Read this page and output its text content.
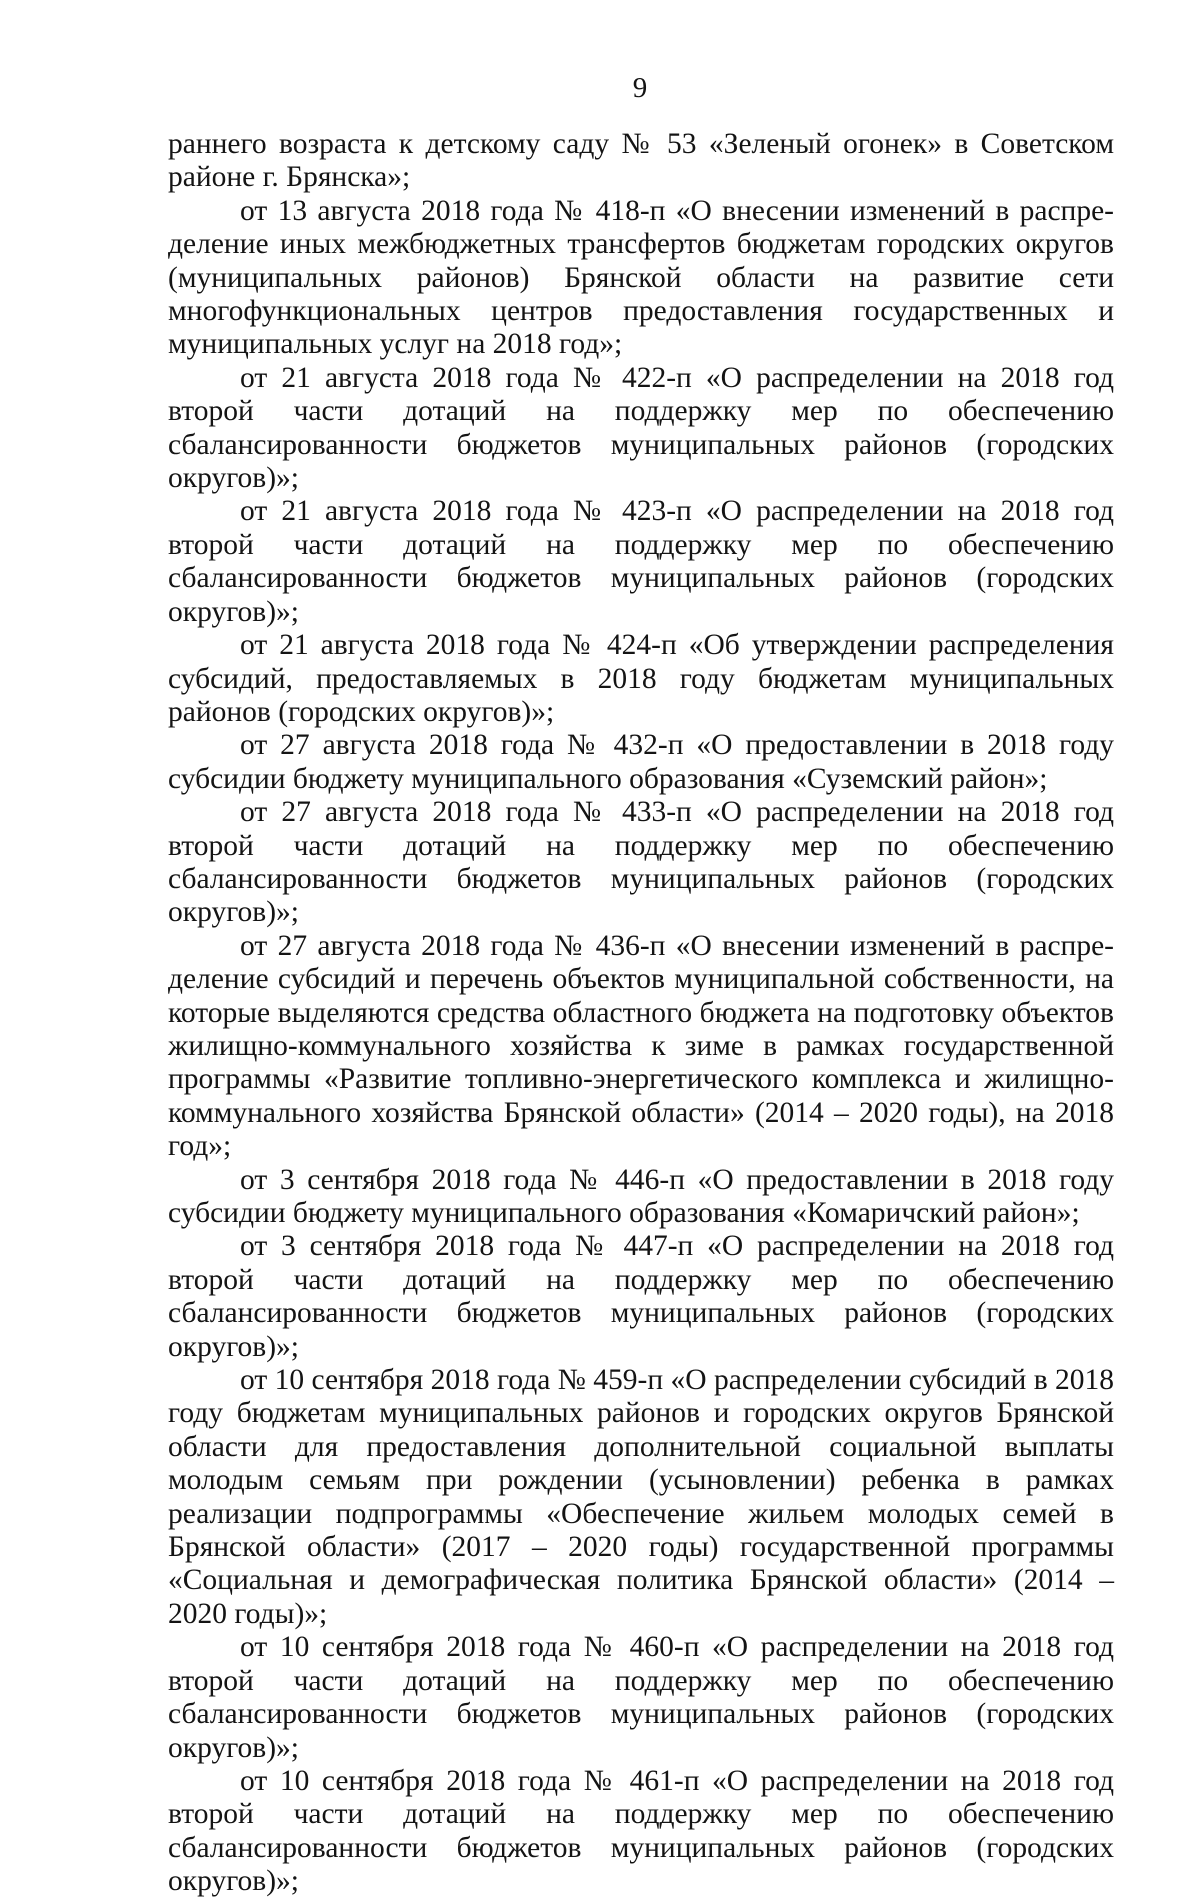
9

раннего возраста к детскому саду № 53 «Зеленый огонек» в Советском районе г. Брянска»;

от 13 августа 2018 года № 418-п «О внесении изменений в распределение иных межбюджетных трансфертов бюджетам городских округов (муниципальных районов) Брянской области на развитие сети многофункциональных центров предоставления государственных и муниципальных услуг на 2018 год»;

от 21 августа 2018 года № 422-п «О распределении на 2018 год второй части дотаций на поддержку мер по обеспечению сбалансированности бюджетов муниципальных районов (городских округов)»;

от 21 августа 2018 года № 423-п «О распределении на 2018 год второй части дотаций на поддержку мер по обеспечению сбалансированности бюджетов муниципальных районов (городских округов)»;

от 21 августа 2018 года № 424-п «Об утверждении распределения субсидий, предоставляемых в 2018 году бюджетам муниципальных районов (городских округов)»;

от 27 августа 2018 года № 432-п «О предоставлении в 2018 году субсидии бюджету муниципального образования «Суземский район»;

от 27 августа 2018 года № 433-п «О распределении на 2018 год второй части дотаций на поддержку мер по обеспечению сбалансированности бюджетов муниципальных районов (городских округов)»;

от 27 августа 2018 года № 436-п «О внесении изменений в распределение субсидий и перечень объектов муниципальной собственности, на которые выделяются средства областного бюджета на подготовку объектов жилищно-коммунального хозяйства к зиме в рамках государственной программы «Развитие топливно-энергетического комплекса и жилищно-коммунального хозяйства Брянской области» (2014 – 2020 годы), на 2018 год»;

от 3 сентября 2018 года № 446-п «О предоставлении в 2018 году субсидии бюджету муниципального образования «Комаричский район»;

от 3 сентября 2018 года № 447-п «О распределении на 2018 год второй части дотаций на поддержку мер по обеспечению сбалансированности бюджетов муниципальных районов (городских округов)»;

от 10 сентября 2018 года № 459-п «О распределении субсидий в 2018 году бюджетам муниципальных районов и городских округов Брянской области для предоставления дополнительной социальной выплаты молодым семьям при рождении (усыновлении) ребенка в рамках реализации подпрограммы «Обеспечение жильем молодых семей в Брянской области» (2017 – 2020 годы) государственной программы «Социальная и демографическая политика Брянской области» (2014 – 2020 годы)»;

от 10 сентября 2018 года № 460-п «О распределении на 2018 год второй части дотаций на поддержку мер по обеспечению сбалансированности бюджетов муниципальных районов (городских округов)»;

от 10 сентября 2018 года № 461-п «О распределении на 2018 год второй части дотаций на поддержку мер по обеспечению сбалансированности бюджетов муниципальных районов (городских округов)»;
